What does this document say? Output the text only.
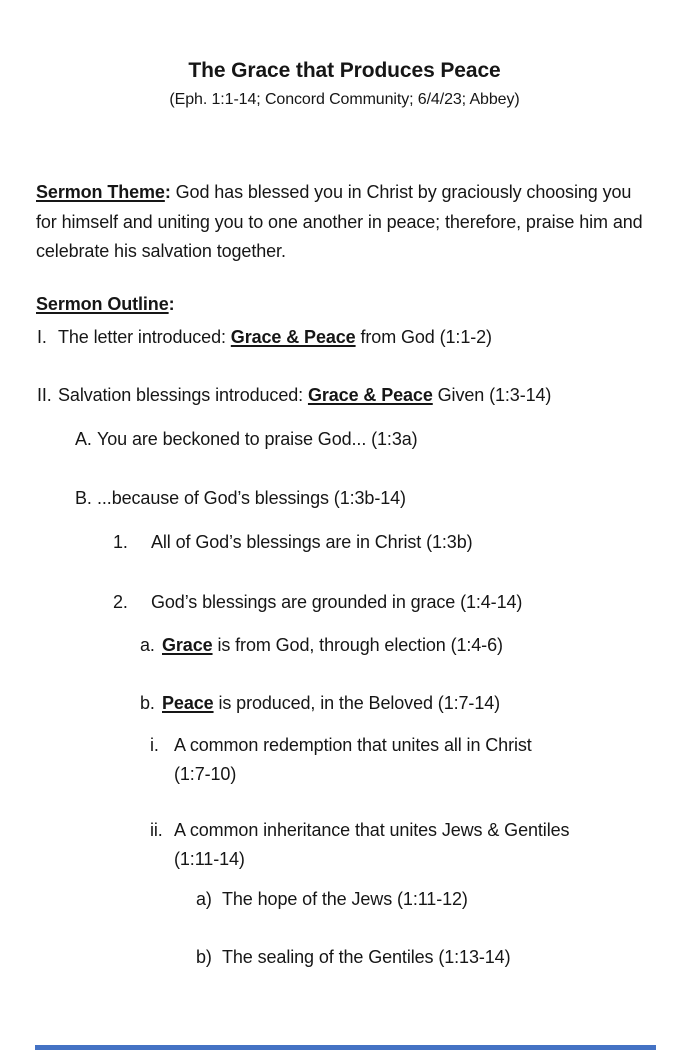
The Grace that Produces Peace
(Eph. 1:1-14; Concord Community; 6/4/23; Abbey)

Sermon Theme: God has blessed you in Christ by graciously choosing you for himself and uniting you to one another in peace; therefore, praise him and celebrate his salvation together.

Sermon Outline:

I. The letter introduced: Grace & Peace from God (1:1-2)
II. Salvation blessings introduced: Grace & Peace Given (1:3-14)
A. You are beckoned to praise God... (1:3a)
B. ...because of God’s blessings (1:3b-14)
1. All of God’s blessings are in Christ (1:3b)
2. God’s blessings are grounded in grace (1:4-14)
a. Grace is from God, through election (1:4-6)
b. Peace is produced, in the Beloved (1:7-14)
i. A common redemption that unites all in Christ
(1:7-10)
ii. A common inheritance that unites Jews & Gentiles
(1:11-14)
a) The hope of the Jews (1:11-12)
b) The sealing of the Gentiles (1:13-14)
